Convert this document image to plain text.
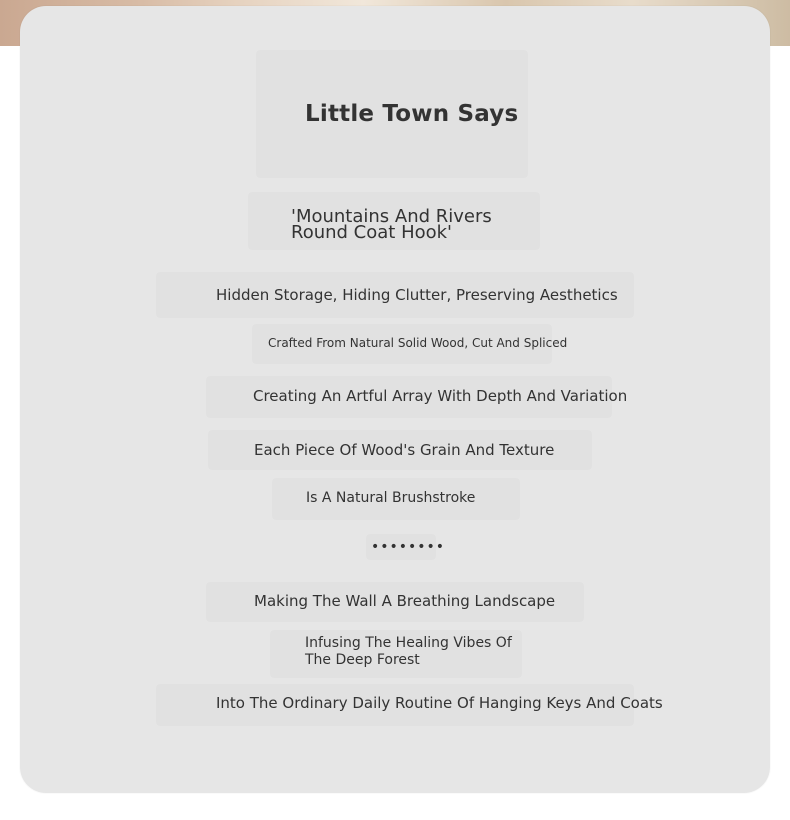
Little Town Says
'Mountains And Rivers Round Coat Hook'
Hidden Storage, Hiding Clutter, Preserving Aesthetics
Crafted From Natural Solid Wood, Cut And Spliced
Creating An Artful Array With Depth And Variation
Each Piece Of Wood's Grain And Texture
Is A Natural Brushstroke
••••••••
Making The Wall A Breathing Landscape
Infusing The Healing Vibes Of The Deep Forest
Into The Ordinary Daily Routine Of Hanging Keys And Coats
